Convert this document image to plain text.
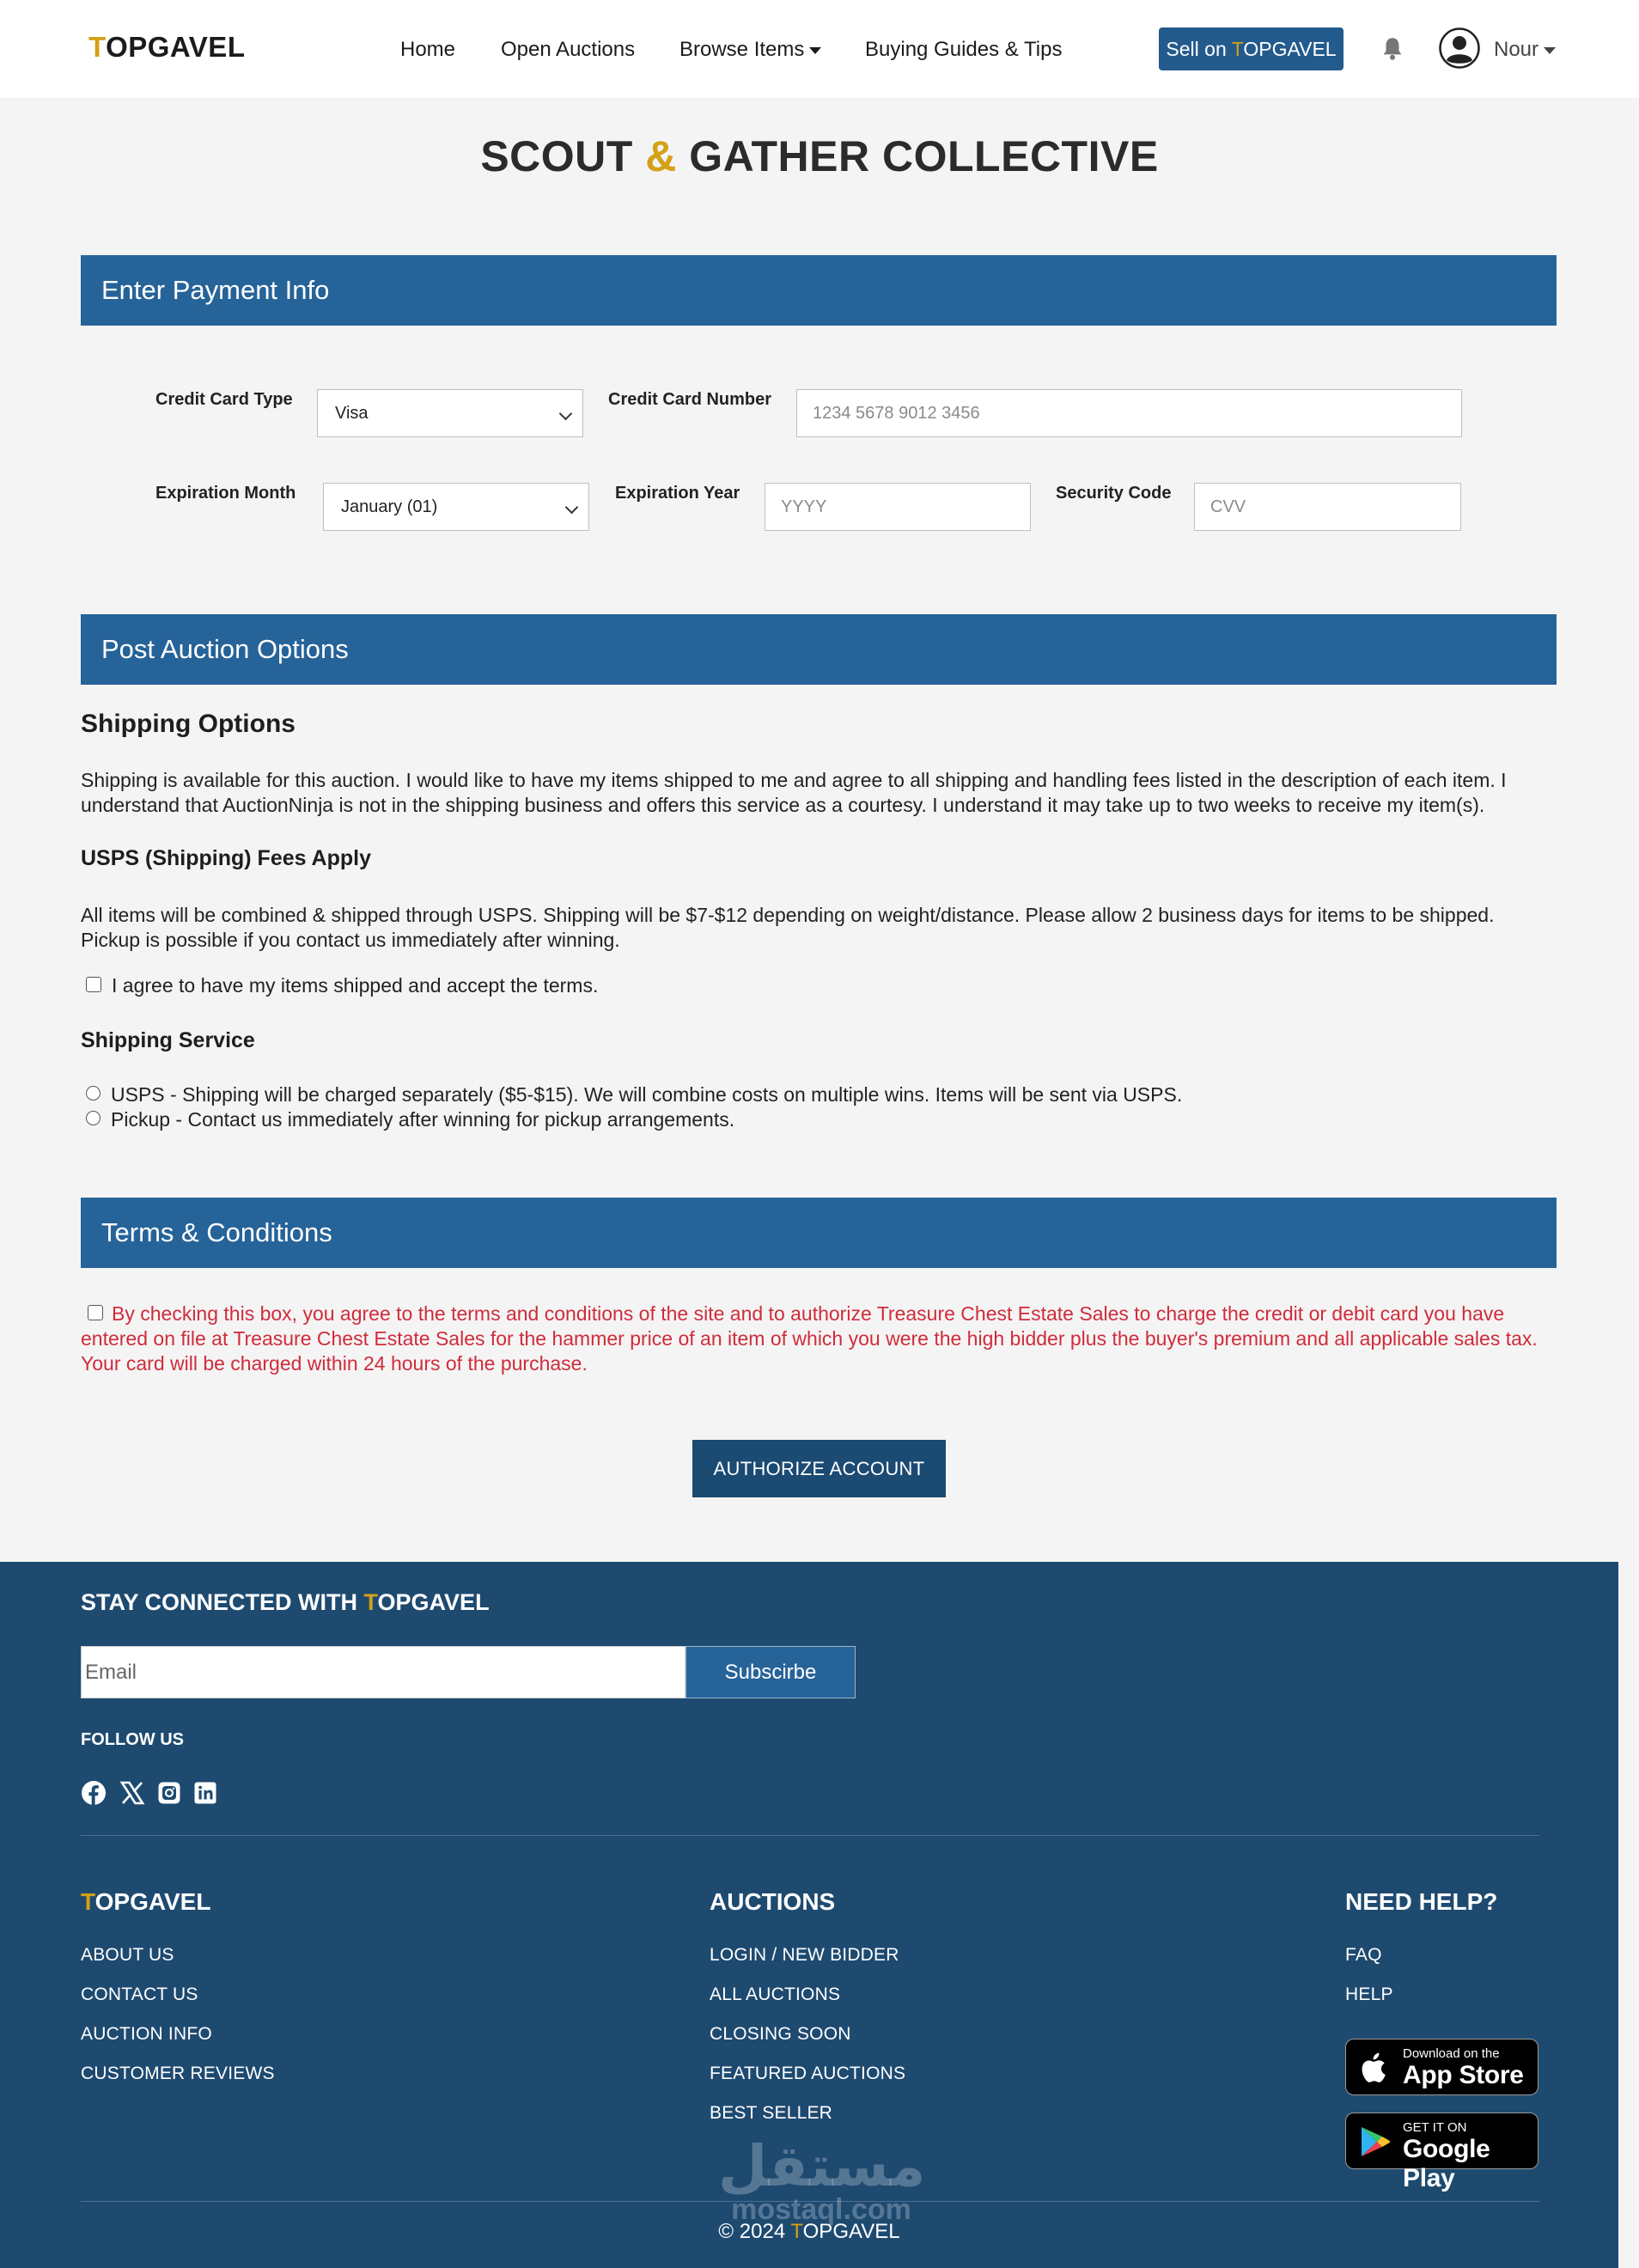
TOPGAVEL	Home Open Auctions Browse Items	Buying Guides & Tips	Sell on TOPGAVEL	Nour
SCOUT & GATHER COLLECTIVE
Enter Payment Info
Credit Card Type
Visa
Credit Card Number
1234 5678 9012 3456
Expiration Month
January (01)
Expiration Year
YYYY
Security Code
CVV
Post Auction Options
Shipping Options
Shipping is available for this auction. I would like to have my items shipped to me and agree to all shipping and handling fees listed in the description of each item. I understand that AuctionNinja is not in the shipping business and offers this service as a courtesy. I understand it may take up to two weeks to receive my item(s).
USPS (Shipping) Fees Apply
All items will be combined & shipped through USPS. Shipping will be $7-$12 depending on weight/distance. Please allow 2 business days for items to be shipped. Pickup is possible if you contact us immediately after winning.
I agree to have my items shipped and accept the terms.
Shipping Service
USPS - Shipping will be charged separately ($5-$15). We will combine costs on multiple wins. Items will be sent via USPS.
Pickup - Contact us immediately after winning for pickup arrangements.
Terms & Conditions
By checking this box, you agree to the terms and conditions of the site and to authorize Treasure Chest Estate Sales to charge the credit or debit card you have entered on file at Treasure Chest Estate Sales for the hammer price of an item of which you were the high bidder plus the buyer's premium and all applicable sales tax. Your card will be charged within 24 hours of the purchase.
AUTHORIZE ACCOUNT
STAY CONNECTED WITH TOPGAVEL
Email	Subscirbe
FOLLOW US
TOPGAVEL
ABOUT US
CONTACT US
AUCTION INFO
CUSTOMER REVIEWS
AUCTIONS
LOGIN / NEW BIDDER
ALL AUCTIONS
CLOSING SOON
FEATURED AUCTIONS
BEST SELLER
NEED HELP?
FAQ
HELP
Download on the
App Store
GET IT ON
Google Play
مستقل
mostaql.com
© 2024 TOPGAVEL
